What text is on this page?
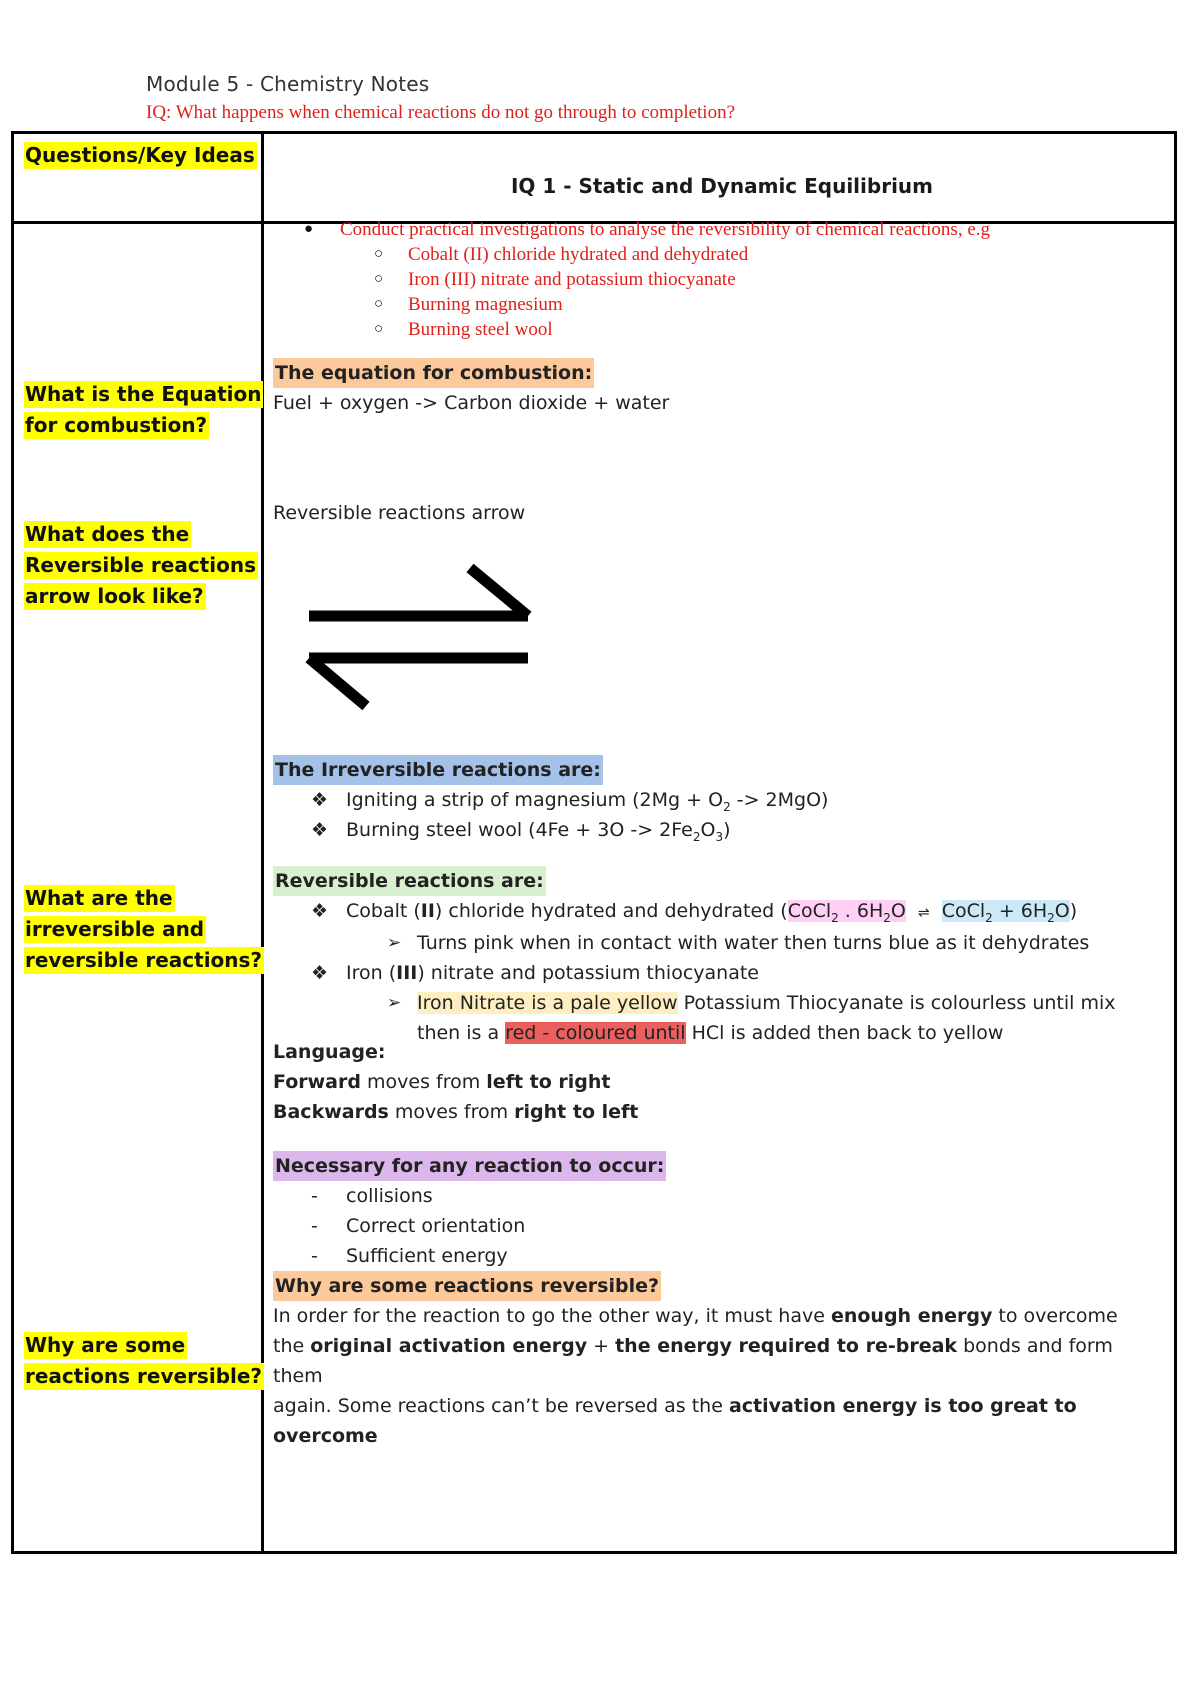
Module 5 - Chemistry Notes
IQ: What happens when chemical reactions do not go through to completion?
Questions/Key Ideas
IQ 1 - Static and Dynamic Equilibrium
What is the Equation
for combustion?
What does the
Reversible reactions
arrow look like?
What are the
irreversible and
reversible reactions?
Why are some
reactions reversible?
● Conduct practical investigations to analyse the reversibility of chemical reactions, e.g
○ Cobalt (II) chloride hydrated and dehydrated
○ Iron (III) nitrate and potassium thiocyanate
○ Burning magnesium
○ Burning steel wool
The equation for combustion:
Fuel + oxygen -> Carbon dioxide + water
Reversible reactions arrow
The Irreversible reactions are:
❖ Igniting a strip of magnesium $(2Mg + O_2 -> 2MgO)$
❖ Burning steel wool $(4Fe + 3O -> 2Fe_2O_3)$
Reversible reactions are:
❖ Cobalt (II) chloride hydrated and dehydrated (CoCl$_2$ . $6H_2O$ ⇌ CoCl$_2$ + $6H_2O$)
➢ Turns pink when in contact with water then turns blue as it dehydrates
❖ Iron (III) nitrate and potassium thiocyanate
➢ Iron Nitrate is a pale yellow Potassium Thiocyanate is colourless until mix
then is a red - coloured until HCl is added then back to yellow
Language:
Forward moves from left to right
Backwards moves from right to left
Necessary for any reaction to occur:
- collisions
- Correct orientation
- Sufficient energy
Why are some reactions reversible?
In order for the reaction to go the other way, it must have enough energy to overcome
the original activation energy + the energy required to re-break bonds and form them
again. Some reactions can’t be reversed as the activation energy is too great to
overcome
